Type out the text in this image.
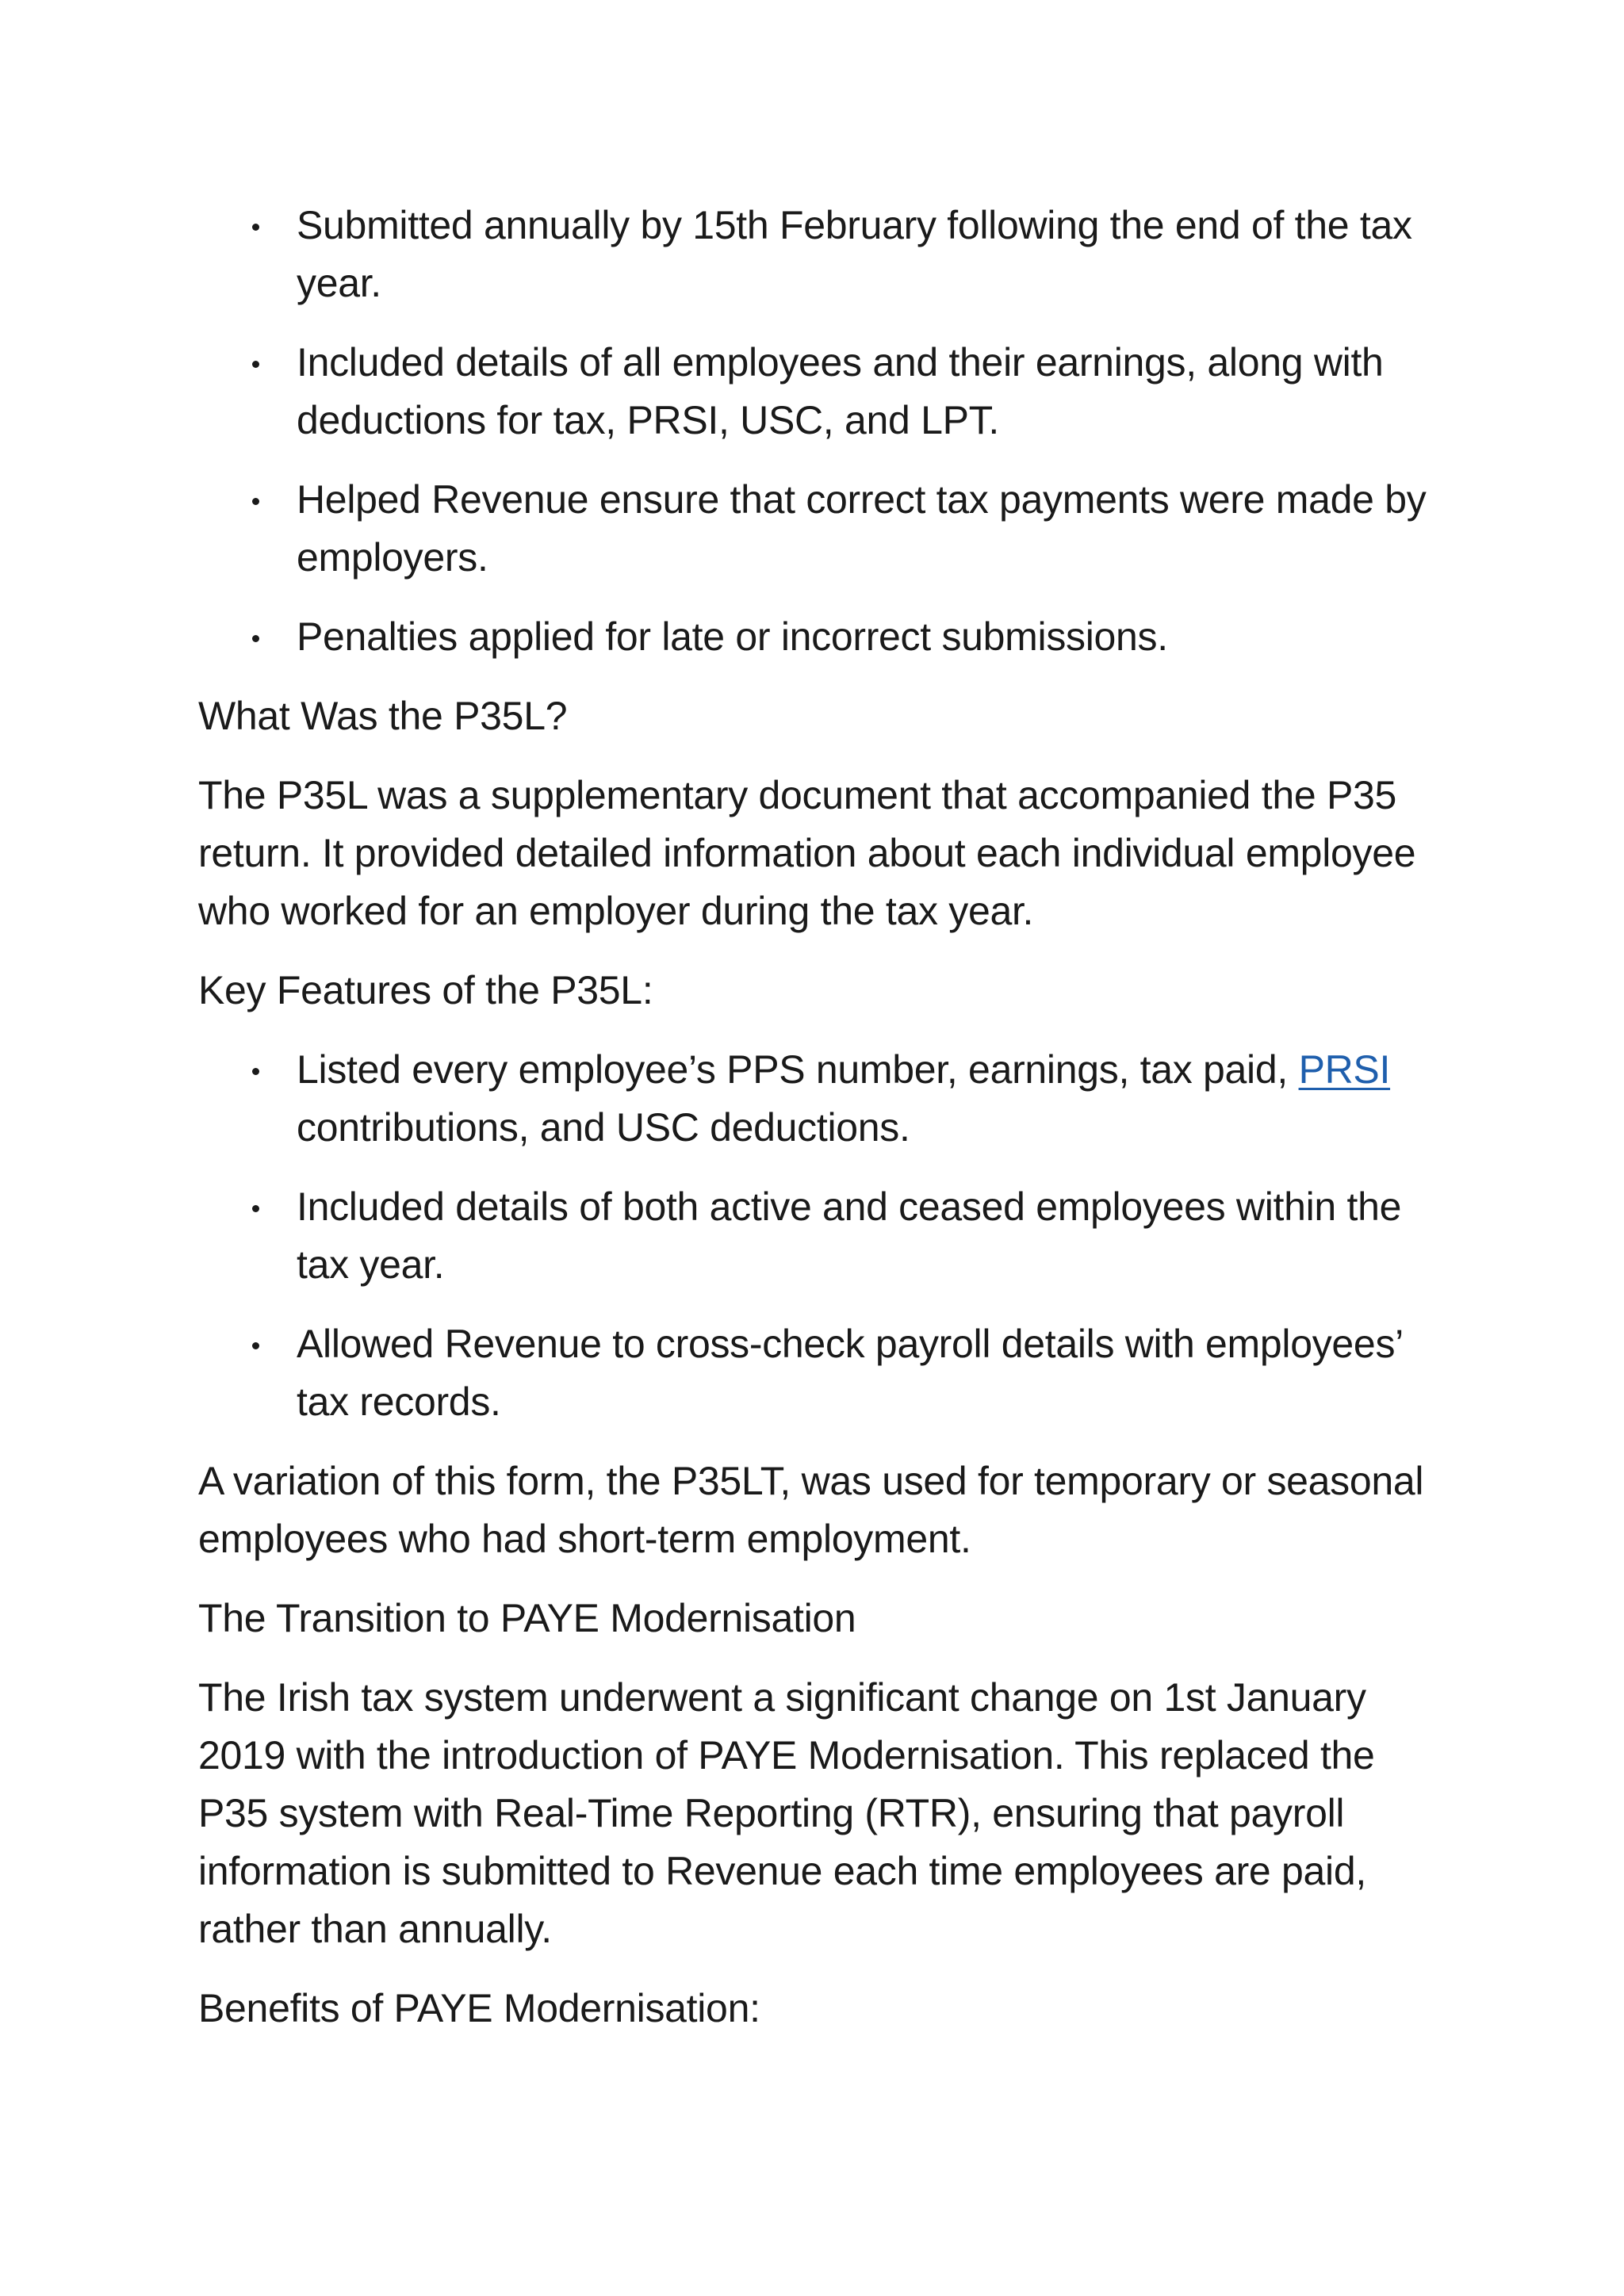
Submitted annually by 15th February following the end of the tax year.
Included details of all employees and their earnings, along with deductions for tax, PRSI, USC, and LPT.
Helped Revenue ensure that correct tax payments were made by employers.
Penalties applied for late or incorrect submissions.

What Was the P35L?

The P35L was a supplementary document that accompanied the P35 return. It provided detailed information about each individual employee who worked for an employer during the tax year.

Key Features of the P35L:

Listed every employee’s PPS number, earnings, tax paid, PRSI contributions, and USC deductions.
Included details of both active and ceased employees within the tax year.
Allowed Revenue to cross-check payroll details with employees’ tax records.

A variation of this form, the P35LT, was used for temporary or seasonal employees who had short-term employment.

The Transition to PAYE Modernisation

The Irish tax system underwent a significant change on 1st January 2019 with the introduction of PAYE Modernisation. This replaced the P35 system with Real-Time Reporting (RTR), ensuring that payroll information is submitted to Revenue each time employees are paid, rather than annually.

Benefits of PAYE Modernisation:
